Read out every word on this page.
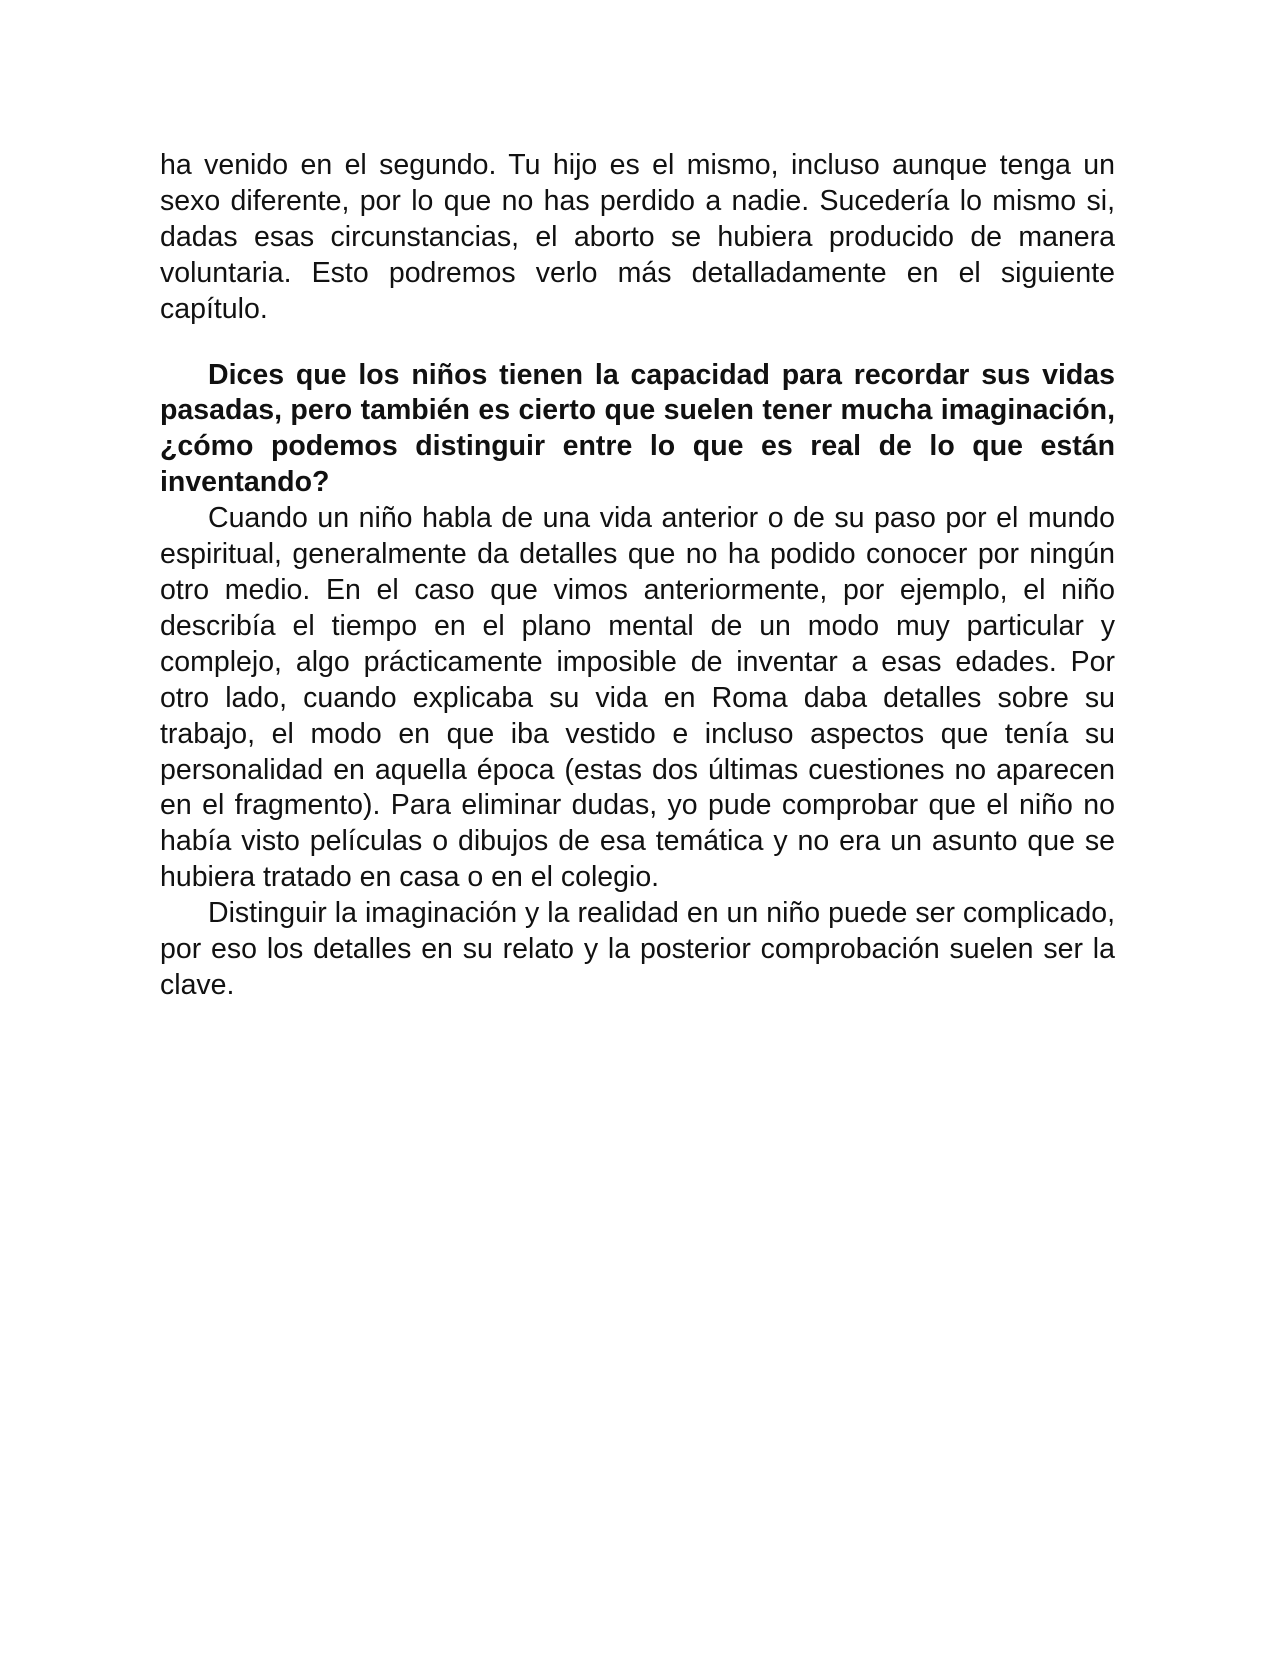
ha venido en el segundo. Tu hijo es el mismo, incluso aunque tenga un sexo diferente, por lo que no has perdido a nadie. Sucedería lo mismo si, dadas esas circunstancias, el aborto se hubiera producido de manera voluntaria. Esto podremos verlo más detalladamente en el siguiente capítulo.

Dices que los niños tienen la capacidad para recordar sus vidas pasadas, pero también es cierto que suelen tener mucha imaginación, ¿cómo podemos distinguir entre lo que es real de lo que están inventando?

Cuando un niño habla de una vida anterior o de su paso por el mundo espiritual, generalmente da detalles que no ha podido conocer por ningún otro medio. En el caso que vimos anteriormente, por ejemplo, el niño describía el tiempo en el plano mental de un modo muy particular y complejo, algo prácticamente imposible de inventar a esas edades. Por otro lado, cuando explicaba su vida en Roma daba detalles sobre su trabajo, el modo en que iba vestido e incluso aspectos que tenía su personalidad en aquella época (estas dos últimas cuestiones no aparecen en el fragmento). Para eliminar dudas, yo pude comprobar que el niño no había visto películas o dibujos de esa temática y no era un asunto que se hubiera tratado en casa o en el colegio.

Distinguir la imaginación y la realidad en un niño puede ser complicado, por eso los detalles en su relato y la posterior comprobación suelen ser la clave.
